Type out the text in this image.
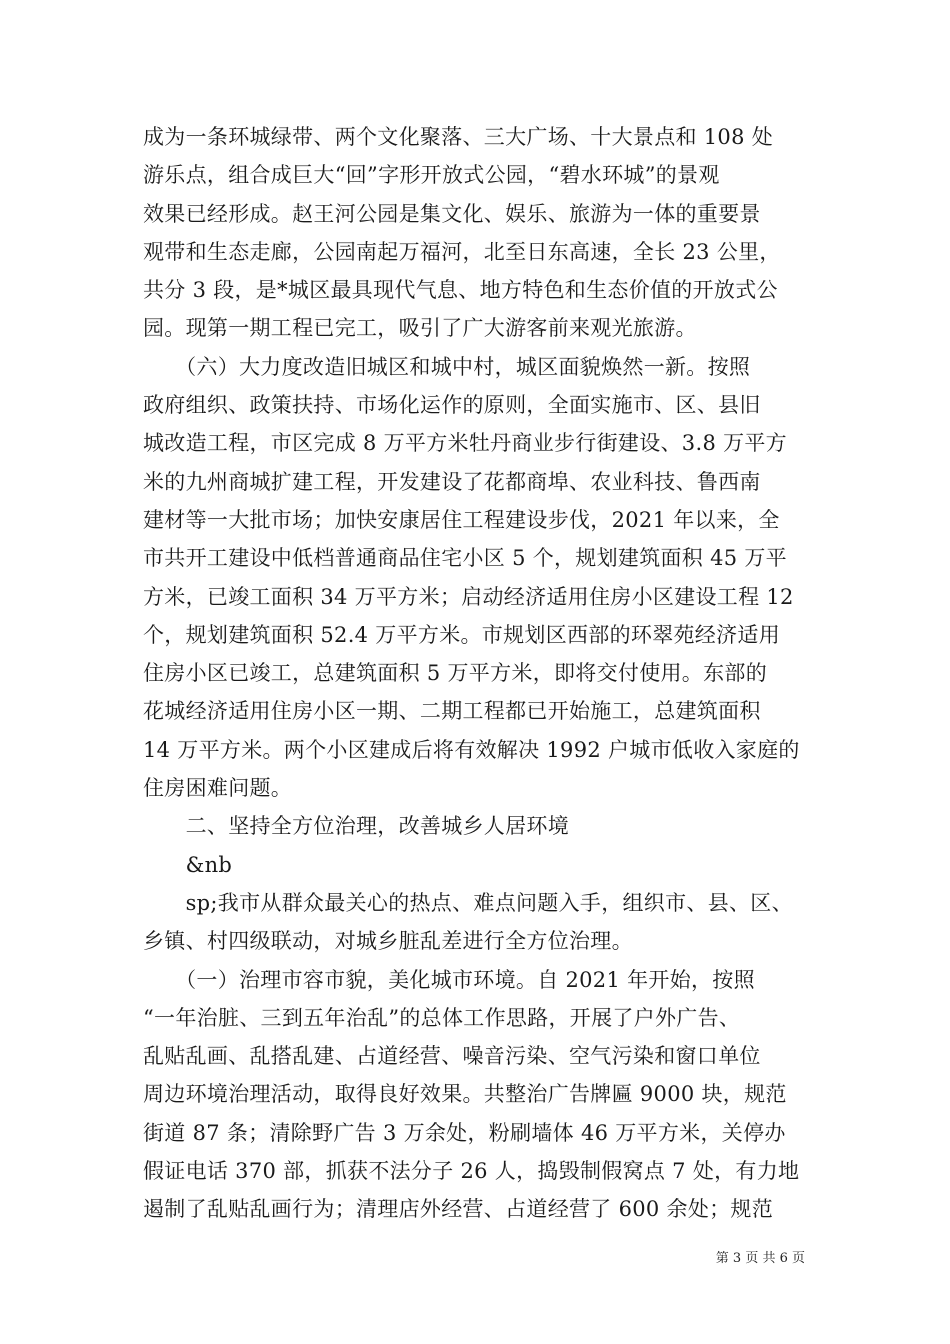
成为一条环城绿带、两个文化聚落、三大广场、十大景点和 108 处
游乐点，组合成巨大“回”字形开放式公园，“碧水环城”的景观
效果已经形成。赵王河公园是集文化、娱乐、旅游为一体的重要景
观带和生态走廊，公园南起万福河，北至日东高速，全长 23 公里，
共分 3 段，是*城区最具现代气息、地方特色和生态价值的开放式公
园。现第一期工程已完工，吸引了广大游客前来观光旅游。
　　（六）大力度改造旧城区和城中村，城区面貌焕然一新。按照
政府组织、政策扶持、市场化运作的原则，全面实施市、区、县旧
城改造工程，市区完成 8 万平方米牡丹商业步行街建设、3.8 万平方
米的九州商城扩建工程，开发建设了花都商埠、农业科技、鲁西南
建材等一大批市场；加快安康居住工程建设步伐，2021 年以来，全
市共开工建设中低档普通商品住宅小区 5 个，规划建筑面积 45 万平
方米，已竣工面积 34 万平方米；启动经济适用住房小区建设工程 12
个，规划建筑面积 52.4 万平方米。市规划区西部的环翠苑经济适用
住房小区已竣工，总建筑面积 5 万平方米，即将交付使用。东部的
花城经济适用住房小区一期、二期工程都已开始施工，总建筑面积
14 万平方米。两个小区建成后将有效解决 1992 户城市低收入家庭的
住房困难问题。
　　二、坚持全方位治理，改善城乡人居环境
　　&nb
　　sp;我市从群众最关心的热点、难点问题入手，组织市、县、区、
乡镇、村四级联动，对城乡脏乱差进行全方位治理。
　　（一）治理市容市貌，美化城市环境。自 2021 年开始，按照
“一年治脏、三到五年治乱”的总体工作思路，开展了户外广告、
乱贴乱画、乱搭乱建、占道经营、噪音污染、空气污染和窗口单位
周边环境治理活动，取得良好效果。共整治广告牌匾 9000 块，规范
街道 87 条；清除野广告 3 万余处，粉刷墙体 46 万平方米，关停办
假证电话 370 部，抓获不法分子 26 人，捣毁制假窝点 7 处，有力地
遏制了乱贴乱画行为；清理店外经营、占道经营了 600 余处；规范
第 3 页 共 6 页
